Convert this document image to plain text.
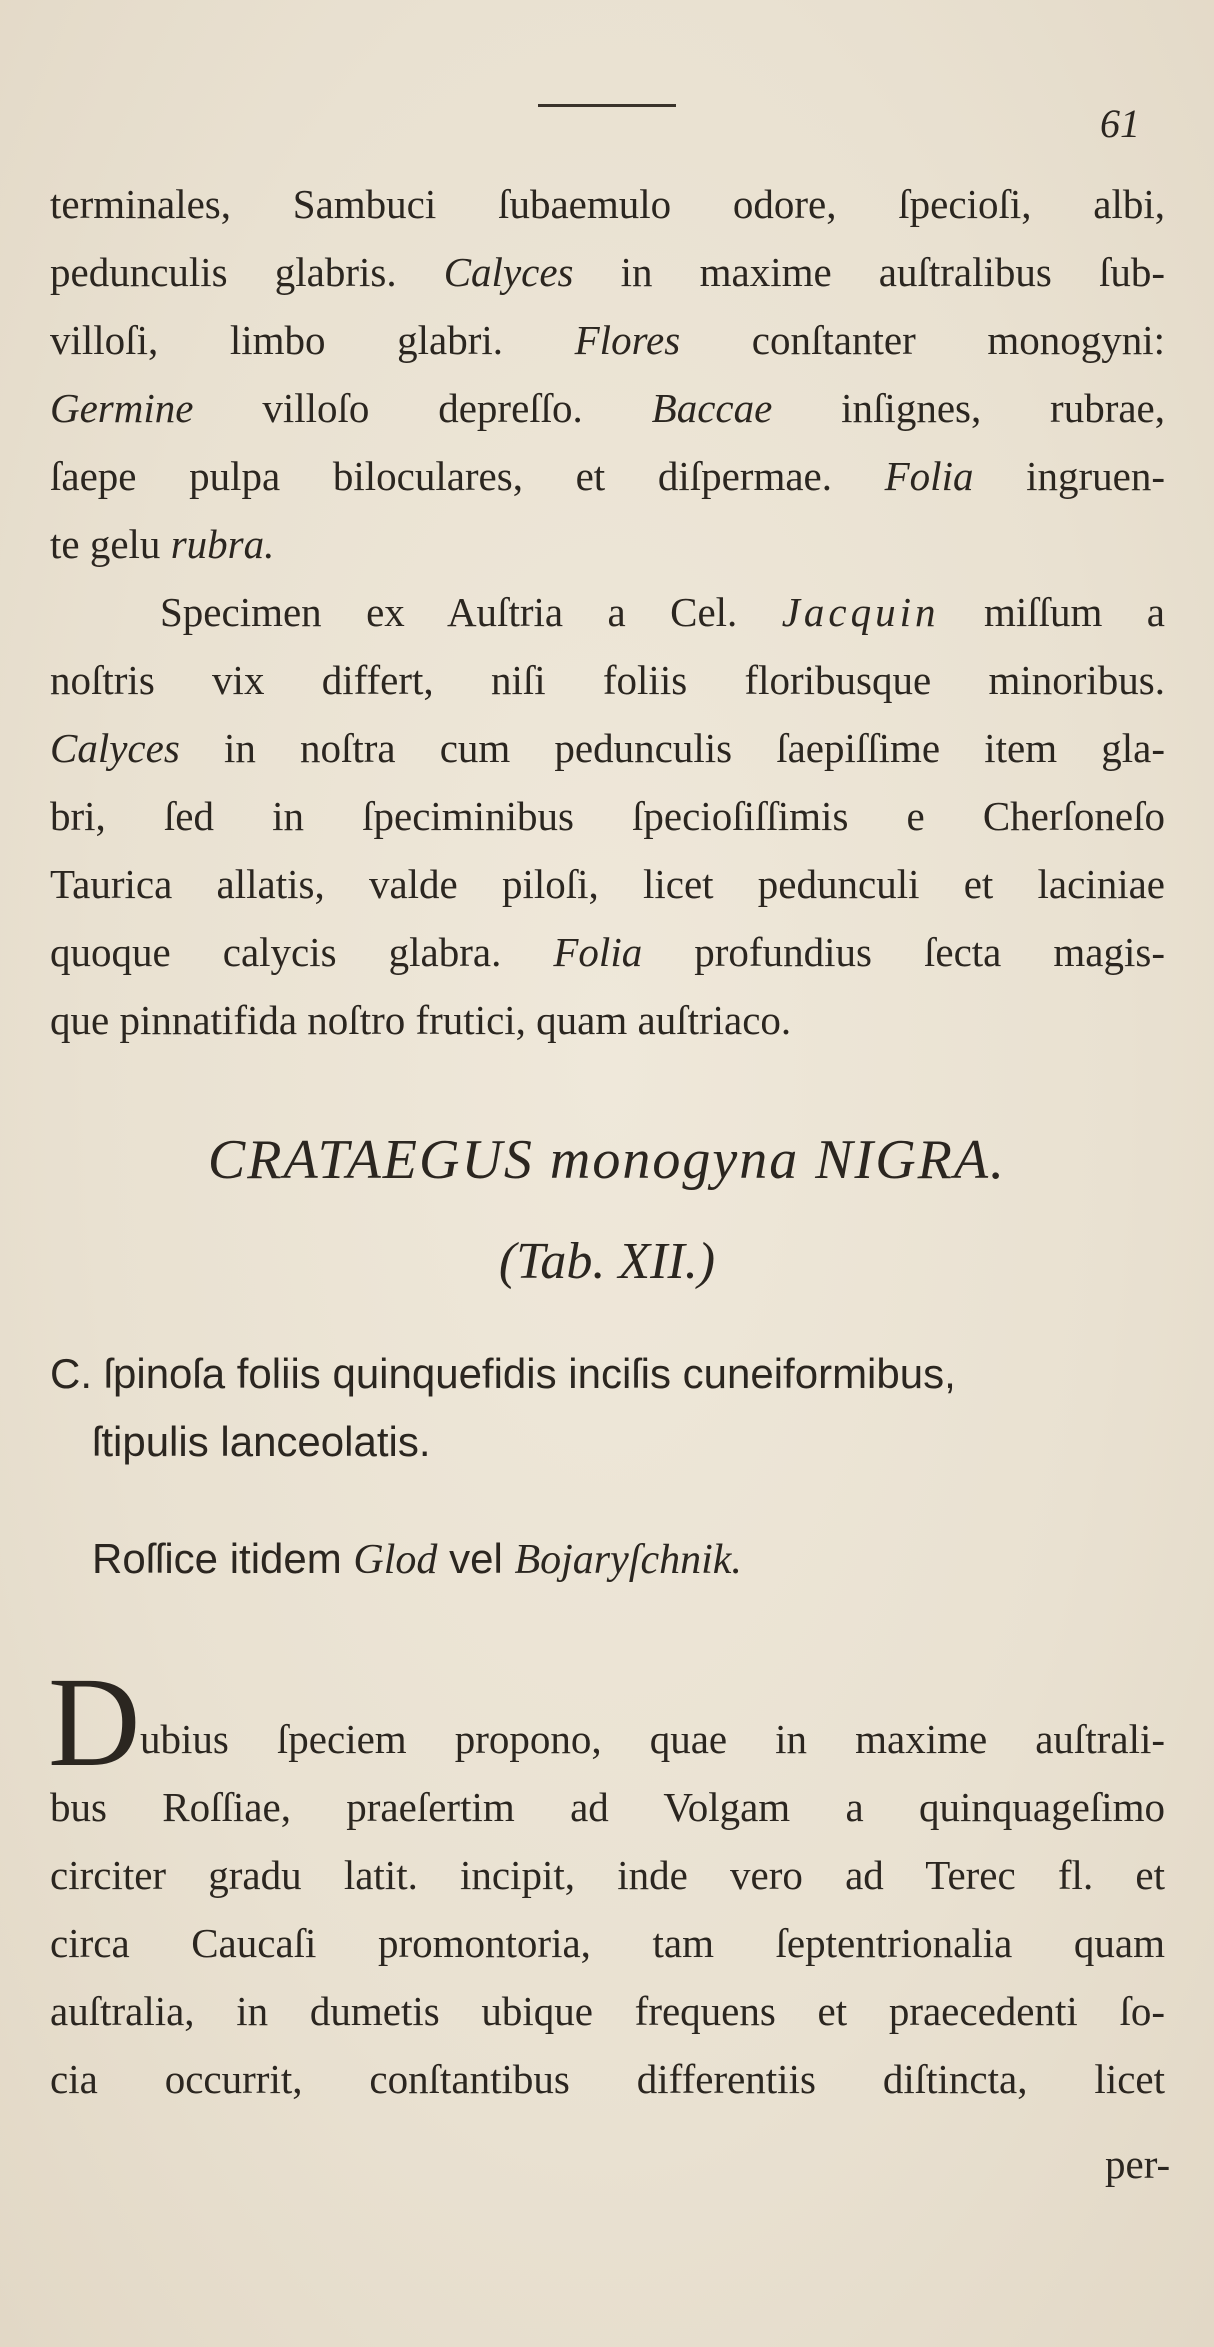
61
terminales, Sambuci ſubaemulo odore, ſpecioſi, albi,
pedunculis glabris. Calyces in maxime auſtralibus ſub-
villoſi, limbo glabri. Flores conſtanter monogyni:
Germine villoſo depreſſo. Baccae inſignes, rubrae,
ſaepe pulpa biloculares, et diſpermae. Folia ingruen-
te gelu rubra.
Specimen ex Auſtria a Cel. Jacquin miſſum a
noſtris vix differt, niſi foliis floribusque minoribus.
Calyces in noſtra cum pedunculis ſaepiſſime item gla-
bri, ſed in ſpeciminibus ſpecioſiſſimis e Cherſoneſo
Taurica allatis, valde piloſi, licet pedunculi et laciniae
quoque calycis glabra. Folia profundius ſecta magis-
que pinnatifida noſtro frutici, quam auſtriaco.
CRATAEGUS monogyna NIGRA.
(Tab. XII.)
C. ſpinoſa foliis quinquefidis inciſis cuneiformibus,
ſtipulis lanceolatis.
Roſſice itidem Glod vel Bojaryſchnik.
D ubius ſpeciem propono, quae in maxime auſtrali-
bus Roſſiae, praeſertim ad Volgam a quinquageſimo
circiter gradu latit. incipit, inde vero ad Terec fl. et
circa Caucaſi promontoria, tam ſeptentrionalia quam
auſtralia, in dumetis ubique frequens et praecedenti ſo-
cia occurrit, conſtantibus differentiis diſtincta, licet
per-
